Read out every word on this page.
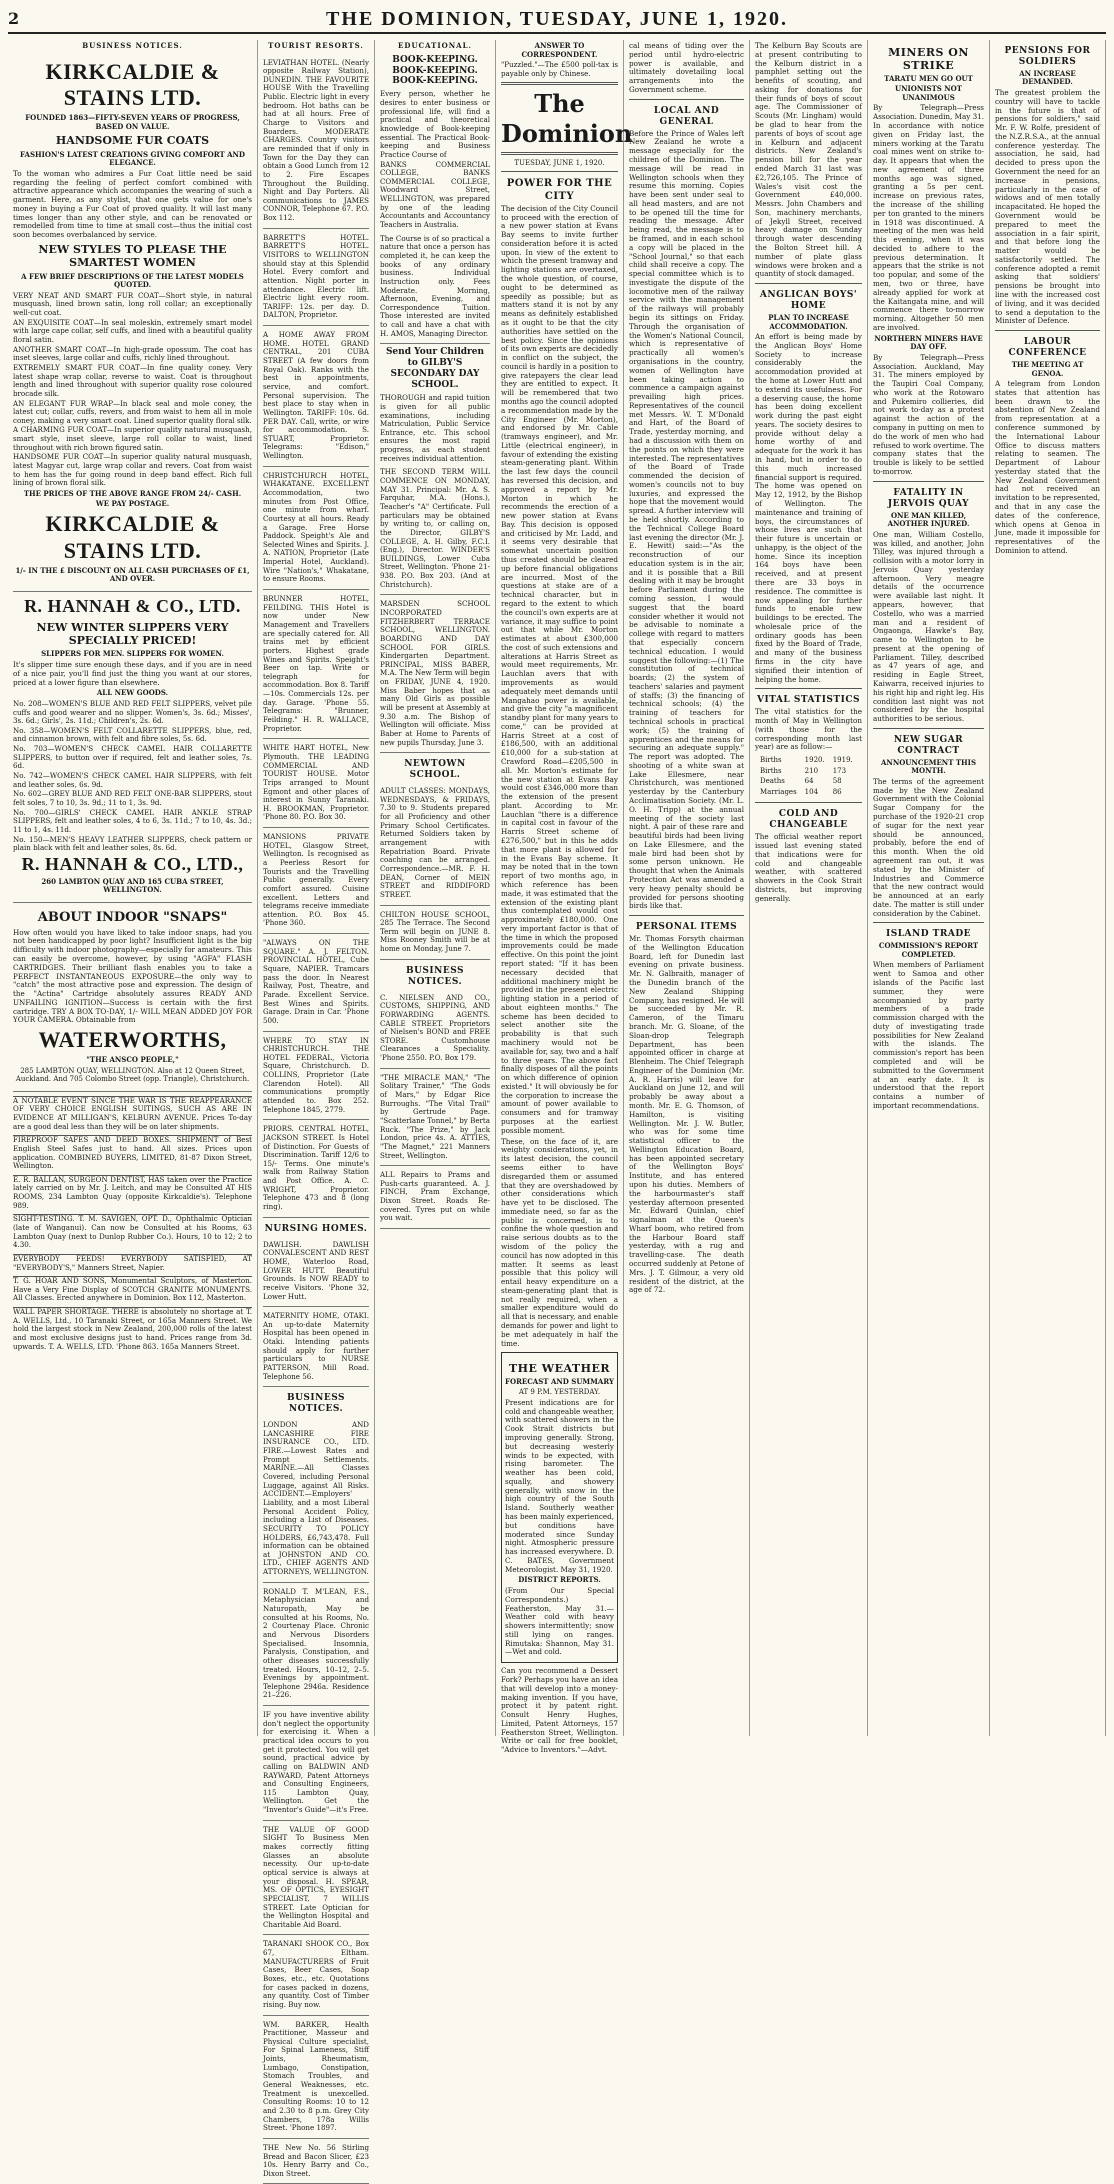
2	THE DOMINION, TUESDAY, JUNE 1, 1920.
BUSINESS NOTICES.
KIRKCALDIE & STAINS LTD.
FOUNDED 1863—FIFTY-SEVEN YEARS OF PROGRESS, BASED ON VALUE.
HANDSOME FUR COATS
FASHION'S LATEST CREATIONS GIVING COMFORT AND ELEGANCE.
To the woman who admires a Fur Coat little need be said regarding the feeling of perfect comfort combined with attractive appearance which accompanies the wearing of such a garment. Here, as any stylist, that one gets value for one's money in buying a Fur Coat of proved quality. It will last many times longer than any other style, and can be renovated or remodelled from time to time at small cost—thus the initial cost soon becomes overbalanced by service.
NEW STYLES TO PLEASE THE SMARTEST WOMEN
A FEW BRIEF DESCRIPTIONS OF THE LATEST MODELS QUOTED.
VERY NEAT AND SMART FUR COAT—Short style, in natural musquash, lined brown satin, long roll collar; an exceptionally well-cut coat.
AN EXQUISITE COAT—In seal moleskin, extremely smart model with large cape collar, self cuffs, and lined with a beautiful quality floral satin.
ANOTHER SMART COAT—In high-grade opossum. The coat has inset sleeves, large collar and cuffs, richly lined throughout.
EXTREMELY SMART FUR COAT—In fine quality coney. Very latest shape wrap collar, reverse to waist. Coat is throughout length and lined throughout with superior quality rose coloured brocade silk.
AN ELEGANT FUR WRAP—In black seal and mole coney, the latest cut; collar, cuffs, revers, and from waist to hem all in mole coney, making a very smart coat. Lined superior quality floral silk.
A CHARMING FUR COAT—In superior quality natural musquash, smart style, inset sleeve, large roll collar to waist, lined throughout with rich brown figured satin.
HANDSOME FUR COAT—In superior quality natural musquash, latest Magyar cut, large wrap collar and revers. Coat from waist to hem has the fur going round in deep band effect. Rich full lining of brown floral silk.
THE PRICES OF THE ABOVE RANGE FROM 24/- CASH.
WE PAY POSTAGE.
KIRKCALDIE & STAINS LTD.
1/- IN THE £ DISCOUNT ON ALL CASH PURCHASES OF £1, AND OVER.
R. HANNAH & CO., LTD.
NEW WINTER SLIPPERS VERY SPECIALLY PRICED!
SLIPPERS FOR MEN. SLIPPERS FOR WOMEN.
It's slipper time sure enough these days, and if you are in need of a nice pair, you'll find just the thing you want at our stores, priced at a lower figure than elsewhere.
ALL NEW GOODS.
No. 208—WOMEN'S BLUE AND RED FELT SLIPPERS, velvet pile cuffs and good wearer and no slipper. Women's, 3s. 6d.; Misses', 3s. 6d.; Girls', 2s. 11d.; Children's, 2s. 6d.
No. 358—WOMEN'S FELT COLLARETTE SLIPPERS, blue, red, and cinnamon brown, with felt and fibre soles, 5s. 6d.
No. 703—WOMEN'S CHECK CAMEL HAIR COLLARETTE SLIPPERS, to button over if required, felt and leather soles, 7s. 6d.
No. 742—WOMEN'S CHECK CAMEL HAIR SLIPPERS, with felt and leather soles, 6s. 9d.
No. 602—GREY BLUE AND RED FELT ONE-BAR SLIPPERS, stout felt soles, 7 to 10, 3s. 9d.; 11 to 1, 3s. 9d.
No. 700—GIRLS' CHECK CAMEL HAIR ANKLE STRAP SLIPPERS, felt and leather soles, 4 to 6, 3s. 11d.; 7 to 10, 4s. 3d.; 11 to 1, 4s. 11d.
No. 150—MEN'S HEAVY LEATHER SLIPPERS, check pattern or plain black with felt and leather soles, 8s. 6d.
R. HANNAH & CO., LTD.,
260 LAMBTON QUAY AND 165 CUBA STREET, WELLINGTON.
ABOUT INDOOR "SNAPS"
How often would you have liked to take indoor snaps, had you not been handicapped by poor light? Insufficient light is the big difficulty with indoor photography—especially for amateurs. This can easily be overcome, however, by using "AGFA" FLASH CARTRIDGES. Their brilliant flash enables you to take a PERFECT INSTANTANEOUS EXPOSURE—the only way to "catch" the most attractive pose and expression. The design of the "Actina" Cartridge absolutely assures READY AND UNFAILING IGNITION—Success is certain with the first cartridge. TRY A BOX TO-DAY, 1/- WILL MEAN ADDED JOY FOR YOUR CAMERA. Obtainable from
WATERWORTHS,
"THE ANSCO PEOPLE,"
285 LAMBTON QUAY, WELLINGTON. Also at 12 Queen Street, Auckland. And 705 Colombo Street (opp. Triangle), Christchurch.
A NOTABLE EVENT SINCE THE WAR IS THE REAPPEARANCE OF VERY CHOICE ENGLISH SUITINGS, SUCH AS ARE IN EVIDENCE AT MILLIGAN'S, KELBURN AVENUE. Prices To-day are a good deal less than they will be on later shipments.
FIREPROOF SAFES AND DEED BOXES. SHIPMENT of Best English Steel Safes just to hand. All sizes. Prices upon application. COMBINED BUYERS, LIMITED, 81-87 Dixon Street, Wellington.
E. R. BALLAN, SURGEON DENTIST, HAS taken over the Practice lately carried on by Mr. J. Leitch, and may be Consulted AT HIS ROOMS, 234 Lambton Quay (opposite Kirkcaldie's). Telephone 989.
SIGHT-TESTING. T. M. SAVIGEN, OPT. D., Ophthalmic Optician (late of Wanganui). Can now be Consulted at his Rooms, 63 Lambton Quay (next to Dunlop Rubber Co.). Hours, 10 to 12; 2 to 4.30.
EVERYBODY FEEDS! EVERYBODY SATISFIED, AT "EVERYBODY'S," Manners Street, Napier.
T. G. HOAR AND SONS, Monumental Sculptors, of Masterton. Have a Very Fine Display of SCOTCH GRANITE MONUMENTS. All Classes. Erected anywhere in Dominion. Box 112, Masterton.
WALL PAPER SHORTAGE. THERE is absolutely no shortage at T. A. WELLS, Ltd., 10 Taranaki Street, or 165a Manners Street. We hold the largest stock in New Zealand, 200,000 rolls of the latest and most exclusive designs just to hand. Prices range from 3d. upwards. T. A. WELLS, LTD. 'Phone 863. 165a Manners Street.
TOURIST RESORTS.
LEVIATHAN HOTEL. (Nearly opposite Railway Station), DUNEDIN. THE FAVOURITE HOUSE With the Travelling Public. Electric light in every bedroom. Hot baths can be had at all hours. Free of Charge to Visitors and Boarders. MODERATE CHARGES. Country visitors are reminded that if only in Town for the Day they can obtain a Good Lunch from 12 to 2. Fire Escapes Throughout the Building. Night and Day Porters. All communications to JAMES CONNOR, Telephone 67. P.O. Box 112.
BARRETT'S HOTEL. BARRETT'S HOTEL. VISITORS to WELLINGTON should stay at this Splendid Hotel. Every comfort and attention. Night porter in attendance. Electric lift. Electric light every room. TARIFF: 12s. per day. D. DALTON, Proprietor.
A HOME AWAY FROM HOME. HOTEL GRAND CENTRAL, 201 CUBA STREET (A few doors from Royal Oak). Ranks with the best in appointments, service, and comfort. Personal supervision. The best place to stay when in Wellington. TARIFF: 10s. 6d. PER DAY. Call, write, or wire for accommodation. S. STUART, Proprietor. Telegrams: "Edison," Wellington.
CHRISTCHURCH HOTEL, WHAKATANE. EXCELLENT Accommodation, two minutes from Post Office, one minute from wharf. Courtesy at all hours. Ready a Garage. Free Horse Paddock. Speight's Ale and Selected Wines and Spirits. J. A. NATION, Proprietor (Late Imperial Hotel, Auckland). Wire "Nation's," Whakatane, to ensure Rooms.
BRUNNER HOTEL, FEILDING. THIS Hotel is now under New Management and Travellers are specially catered for. All trains met by efficient porters. Highest grade Wines and Spirits. Speight's Beer on tap. Write or telegraph for accommodation. Box 8. Tariff—10s. Commercials 12s. per day. Garage. 'Phone 55. Telegrams: "Brunner, Feilding." H. R. WALLACE, Proprietor.
WHITE HART HOTEL, New Plymouth. THE LEADING COMMERCIAL AND TOURIST HOUSE. Motor Trips arranged to Mount Egmont and other places of interest in Sunny Taranaki. H. BROOKMAN, Proprietor. 'Phone 80. P.O. Box 30.
MANSIONS PRIVATE HOTEL, Glasgow Street, Wellington. Is recognised as a Peerless Resort for Tourists and the Travelling Public generally. Every comfort assured. Cuisine excellent. Letters and telegrams receive immediate attention. P.O. Box 45. 'Phone 360.
"ALWAYS ON THE SQUARE." A. J. FELTON. PROVINCIAL HOTEL, Cube Square, NAPIER. Tramcars pass the door. In Nearest Railway, Post, Theatre, and Parade. Excellent Service. Best Wines and Spirits. Garage. Drain in Car. 'Phone 500.
WHERE TO STAY IN CHRISTCHURCH. THE HOTEL FEDERAL, Victoria Square, Christchurch. D. COLLINS, Proprietor (Late Clarendon Hotel). All communications promptly attended to. Box 252. Telephone 1845, 2779.
PRIORS. CENTRAL HOTEL, JACKSON STREET. Is Hotel of Distinction. For Guests of Discrimination. Tariff 12/6 to 15/- Terms. One minute's walk from Railway Station and Post Office. A. C. WRIGHT, Proprietor. Telephone 473 and 8 (long ring).
NURSING HOMES.
DAWLISH. DAWLISH CONVALESCENT AND REST HOME, Waterloo Road, LOWER HUTT. Beautiful Grounds. Is NOW READY to receive Visitors. 'Phone 32, Lower Hutt.
MATERNITY HOME, OTAKI. An up-to-date Maternity Hospital has been opened in Otaki. Intending patients should apply for further particulars to NURSE PATTERSON, Mill Road. Telephone 56.
BUSINESS NOTICES.
LONDON AND LANCASHIRE FIRE INSURANCE CO., LTD. FIRE.—Lowest Rates and Prompt Settlements. MARINE.—All Classes Covered, including Personal Luggage, against All Risks. ACCIDENT.—Employers' Liability, and a most Liberal Personal Accident Policy, including a List of Diseases. SECURITY TO POLICY HOLDERS, £6,743,478. Full information can be obtained at JOHNSTON AND CO. LTD., CHIEF AGENTS AND ATTORNEYS, WELLINGTON.
RONALD T. M'LEAN, F.S., Metaphysician and Naturopath, May be consulted at his Rooms, No. 2 Courtenay Place. Chronic and Nervous Disorders Specialised. Insomnia, Paralysis, Constipation, and other diseases successfully treated. Hours, 10–12, 2–5. Evenings by appointment. Telephone 2946a. Residence 21–226.
IF you have inventive ability don't neglect the opportunity for exercising it. When a practical idea occurs to you get it protected. You will get sound, practical advice by calling on BALDWIN AND RAYWARD, Patent Attorneys and Consulting Engineers, 115 Lambton Quay, Wellington. Get the "Inventor's Guide"—it's Free.
THE VALUE OF GOOD SIGHT To Business Men makes correctly fitting Glasses an absolute necessity. Our up-to-date optical service is always at your disposal. H. SPEAR, MS. OF OPTICS, EYESIGHT SPECIALIST, 7 WILLIS STREET. Late Optician for the Wellington Hospital and Charitable Aid Board.
TARANAKI SHOOK CO., Box 67, Eltham. MANUFACTURERS of Fruit Cases, Beer Cases, Soap Boxes, etc., etc. Quotations for cases packed in dozens, any quantity. Cost of Timber rising. Buy now.
WM. BARKER, Health Practitioner, Masseur and Physical Culture specialist, For Spinal Lameness, Stiff Joints, Rheumatism, Lumbago, Constipation, Stomach Troubles, and General Weaknesses, etc. Treatment is unexcelled. Consulting Rooms: 10 to 12 and 2.30 to 8 p.m. Grey City Chambers, 178a Willis Street. 'Phone 1897.
THE New No. 56 Stirling Bread and Bacon Slicer, £23 10s. Henry Barry and Co., Dixon Street.
EDUCATIONAL.
BOOK-KEEPING. BOOK-KEEPING. BOOK-KEEPING.
Every person, whether he desires to enter business or professional life, will find a practical and theoretical knowledge of Book-keeping essential. The Practical Book-keeping and Business Practice Course of
BANKS COMMERCIAL COLLEGE, BANKS COMMERCIAL COLLEGE, Woodward Street, WELLINGTON, was prepared by one of the leading Accountants and Accountancy Teachers in Australia.
The Course is of so practical a nature that once a person has completed it, he can keep the books of any ordinary business. Individual Instruction only. Fees Moderate. Morning, Afternoon, Evening, and Correspondence Tuition. Those interested are invited to call and have a chat with H. AMOS, Managing Director.
Send Your Children to GILBY'S SECONDARY DAY SCHOOL.
THOROUGH and rapid tuition is given for all public examinations, including Matriculation, Public Service Entrance, etc. This school ensures the most rapid progress, as each student receives individual attention.
THE SECOND TERM WILL COMMENCE ON MONDAY, MAY 31. Principal: Mr. A. S. Farquhar, M.A. (Hons.), Teacher's "A" Certificate. Full particulars may be obtained by writing to, or calling on, the Director, GILBY'S COLLEGE, A. H. Gilby, F.C.I. (Eng.), Director. WINDER'S BUILDINGS, Lower Cuba Street, Wellington. 'Phone 21-938. P.O. Box 203. (And at Christchurch).
MARSDEN SCHOOL INCORPORATED FITZHERBERT TERRACE SCHOOL, WELLINGTON. BOARDING AND DAY SCHOOL FOR GIRLS. Kindergarten Department. PRINCIPAL, MISS BABER, M.A. The New Term will begin on FRIDAY, JUNE 4, 1920. Miss Baber hopes that as many Old Girls as possible will be present at Assembly at 9.30 a.m. The Bishop of Wellington will officiate. Miss Baber at Home to Parents of new pupils Thursday, June 3.
NEWTOWN SCHOOL.
ADULT CLASSES: MONDAYS, WEDNESDAYS, & FRIDAYS, 7.30 to 9. Students prepared for all Proficiency and other Primary School Certificates. Returned Soldiers taken by arrangement with Repatriation Board. Private coaching can be arranged. Correspondence.—MR. F. H. DEAN, Corner of MEIN STREET and RIDDIFORD STREET.
CHILTON HOUSE SCHOOL, 285 The Terrace. The Second Term will begin on JUNE 8. Miss Rooney Smith will be at home on Monday, June 7.
BUSINESS NOTICES.
C. NIELSEN AND CO., CUSTOMS, SHIPPING, AND FORWARDING AGENTS. CABLE STREET. Proprietors of Nielsen's BOND and FREE STORE. Customhouse Clearances a Speciality. 'Phone 2550. P.O. Box 179.
"THE MIRACLE MAN," "The Solitary Trainer," "The Gods of Mars," by Edgar Rice Burroughs. "The Vital Trail" by Gertrude Page. "Scatterlane Tonnel," by Berta Ruck. "The Prize," by Jack London, price 4s. A. ATTIES, "The Magnet," 221 Manners Street, Wellington.
ALL Repairs to Prams and Push-carts guaranteed. A. J. FINCH, Pram Exchange, Dixon Street. Roads Re-covered. Tyres put on while you wait.
ANSWER TO CORRESPONDENT.
"Puzzled."—The £500 poll-tax is payable only by Chinese.
The Dominion
TUESDAY, JUNE 1, 1920.
POWER FOR THE CITY
The decision of the City Council to proceed with the erection of a new power station at Evans Bay seems to invite further consideration before it is acted upon. In view of the extent to which the present tramway and lighting stations are overtaxed, the whole question, of course, ought to be determined as speedily as possible; but as matters stand it is not by any means as definitely established as it ought to be that the city authorities have settled on the best policy. Since the opinions of its own experts are decidedly in conflict on the subject, the council is hardly in a position to give ratepayers the clear lead they are entitled to expect. It will be remembered that two months ago the council adopted a recommendation made by the City Engineer (Mr. Morton), and endorsed by Mr. Cable (tramways engineer), and Mr. Little (electrical engineer), in favour of extending the existing steam-generating plant. Within the last few days the council has reversed this decision, and approved a report by Mr. Morton in which he recommends the erection of a new power station at Evans Bay. This decision is opposed and criticised by Mr. Ladd, and it seems very desirable that somewhat uncertain position thus created should be cleared up before financial obligations are incurred. Most of the questions at stake are of a technical character, but in regard to the extent to which the council's own experts are at variance, it may suffice to point out that while Mr. Morton estimates at about £300,000 the cost of such extensions and alterations at Harris Street as would meet requirements, Mr. Lauchlan avers that with improvements as would adequately meet demands until Mangahao power is available, and give the city "a magnificent standby plant for many years to come," can be provided at Harris Street at a cost of £186,500, with an additional £10,000 for a sub-station at Crawford Road—£205,500 in all. Mr. Morton's estimate for the new station at Evans Bay would cost £346,000 more than the extension of the present plant. According to Mr. Lauchlan "there is a difference in capital cost in favour of the Harris Street scheme of £276,500," but in this he adds that more plant is allowed for in the Evans Bay scheme. It may be noted that in the town report of two months ago, in which reference has been made, it was estimated that the extension of the existing plant thus contemplated would cost approximately £180,000. One very important factor is that of the time in which the proposed improvements could be made effective. On this point the joint report stated: "If it has been necessary decided that additional machinery might be provided in the present electric lighting station in a period of about eighteen months." The scheme has been decided to select another site the probability is that such machinery would not be available for, say, two and a half to three years. The above fact finally disposes of all the points on which difference of opinion existed." It will obviously be for the corporation to increase the amount of power available to consumers and for tramway purposes at the earliest possible moment.
These, on the face of it, are weighty considerations, yet, in its latest decision, the council seems either to have disregarded them or assumed that they are overshadowed by other considerations which have yet to be disclosed. The immediate need, so far as the public is concerned, is to confine the whole question and raise serious doubts as to the wisdom of the policy the council has now adopted in this matter. It seems as least possible that this policy will entail heavy expenditure on a steam-generating plant that is not really required, when a smaller expenditure would do all that is necessary, and enable demands for power and light to be met adequately in half the time.
THE WEATHER
FORECAST AND SUMMARY
AT 9 P.M. YESTERDAY.
Present indications are for cold and changeable weather, with scattered showers in the Cook Strait districts but improving generally. Strong, but decreasing westerly winds to be expected, with rising barometer. The weather has been cold, squally, and showery generally, with snow in the high country of the South Island. Southerly weather has been mainly experienced, but conditions have moderated since Sunday night. Atmospheric pressure has increased everywhere. D. C. BATES, Government Meteorologist. May 31, 1920.
DISTRICT REPORTS.
(From Our Special Correspondents.) Featherston, May 31.—Weather cold with heavy showers intermittently; snow still lying on ranges. Rimutaka: Shannon, May 31.—Wet and cold.
Can you recommend a Dessert Fork? Perhaps you have an idea that will develop into a money-making invention. If you have, protect it by patent right. Consult Henry Hughes, Limited, Patent Attorneys, 157 Featherston Street, Wellington. Write or call for free booklet, "Advice to Inventors."—Advt.
cal means of tiding over the period until hydro-electric power is available, and ultimately dovetailing local arrangements into the Government scheme.
LOCAL AND GENERAL
Before the Prince of Wales left New Zealand he wrote a message especially for the children of the Dominion. The message will be read in Wellington schools when they resume this morning. Copies have been sent under seal to all head masters, and are not to be opened till the time for reading the message. After being read, the message is to be framed, and in each school a copy will be placed in the "School Journal," so that each child shall receive a copy. The special committee which is to investigate the dispute of the locomotive men of the railway service with the management of the railways will probably begin its sittings on Friday. Through the organisation of the Women's National Council, which is representative of practically all women's organisations in the country, women of Wellington have been taking action to commence a campaign against prevailing high prices. Representatives of the council met Messrs. W. T. M'Donald and Hart, of the Board of Trade, yesterday morning, and had a discussion with them on the points on which they were interested. The representatives of the Board of Trade commended the decision of women's councils not to buy luxuries, and expressed the hope that the movement would spread. A further interview will be held shortly. According to the Technical College Board last evening the director (Mr. J. E. Hewitt) said:—"As the reconstruction of our education system is in the air, and it is possible that a Bill dealing with it may be brought before Parliament during the coming session, I would suggest that the board consider whether it would not be advisable to nominate a college with regard to matters that especially concern technical education. I would suggest the following:—(1) The constitution of technical boards; (2) the system of teachers' salaries and payment of staffs; (3) the financing of technical schools; (4) the training of teachers for technical schools in practical work; (5) the training of apprentices and the means for securing an adequate supply." The report was adopted. The shooting of a white swan at Lake Ellesmere, near Christchurch, was mentioned yesterday by the Canterbury Acclimatisation Society. (Mr. L. O. H. Tripp) at the annual meeting of the society last night. A pair of these rare and beautiful birds had been living on Lake Ellesmere, and the male bird had been shot by some person unknown. He thought that when the Animals Protection Act was amended a very heavy penalty should be provided for persons shooting birds like that.
PERSONAL ITEMS
Mr. Thomas Forsyth chairman of the Wellington Education Board, left for Dunedin last evening on private business. Mr. N. Galbraith, manager of the Dunedin branch of the New Zealand Shipping Company, has resigned. He will be succeeded by Mr. R. Cameron, of the Timaru branch. Mr. G. Sloane, of the Sloan-drop Telegraph Department, has been appointed officer in charge at Blenheim. The Chief Telegraph Engineer of the Dominion (Mr. A. R. Harris) will leave for Auckland on June 12, and will probably be away about a month. Mr. E. G. Thomson, of Hamilton, is visiting Wellington. Mr. J. W. Butler, who was for some time statistical officer to the Wellington Education Board, has been appointed secretary of the Wellington Boys' Institute, and has entered upon his duties. Members of the harbourmaster's staff yesterday afternoon presented Mr. Edward Quinlan, chief signalman at the Queen's Wharf boom, who retired from the Harbour Board staff yesterday, with a rug and travelling-case. The death occurred suddenly at Petone of Mrs. J. T. Gilmour, a very old resident of the district, at the age of 72.
The Kelburn Bay Scouts are at present contributing to the Kelburn district in a pamphlet setting out the benefits of scouting, and asking for donations for their funds of boys of scout age. The Commissioner of Scouts (Mr. Lingham) would be glad to hear from the parents of boys of scout age in Kelburn and adjacent districts. New Zealand's pension bill for the year ended March 31 last was £2,726,105. The Prince of Wales's visit cost the Government £40,000. Messrs. John Chambers and Son, machinery merchants, of Jekyll Street, received heavy damage on Sunday through water descending the Bolton Street hill. A number of plate glass windows were broken and a quantity of stock damaged.
ANGLICAN BOYS' HOME
PLAN TO INCREASE ACCOMMODATION.
An effort is being made by the Anglican Boys' Home Society to increase considerably the accommodation provided at the home at Lower Hutt and to extend its usefulness. For a deserving cause, the home has been doing excellent work during the past eight years. The society desires to provide without delay a home worthy of and adequate for the work it has in hand, but in order to do this much increased financial support is required. The home was opened on May 12, 1912, by the Bishop of Wellington. The maintenance and training of boys, the circumstances of whose lives are such that their future is uncertain or unhappy, is the object of the home. Since its inception 164 boys have been received, and at present there are 33 boys in residence. The committee is now appealing for further funds to enable new buildings to be erected. The wholesale price of the ordinary goods has been fixed by the Board of Trade, and many of the business firms in the city have signified their intention of helping the home.
VITAL STATISTICS
The vital statistics for the month of May in Wellington (with those for the corresponding month last year) are as follow:—
Births	1920.	1919.
Births	210	173
Deaths	64	58
Marriages	104	86
COLD AND CHANGEABLE
The official weather report issued last evening stated that indications were for cold and changeable weather, with scattered showers in the Cook Strait districts, but improving generally.
MINERS ON STRIKE
TARATU MEN GO OUT
UNIONISTS NOT UNANIMOUS
By Telegraph—Press Association. Dunedin, May 31. In accordance with notice given on Friday last, the miners working at the Taratu coal mines went on strike to-day. It appears that when the new agreement of three months ago was signed, granting a 5s per cent. increase on previous rates, the increase of the shilling per ton granted to the miners in 1918 was discontinued. A meeting of the men was held this evening, when it was decided to adhere to the previous determination. It appears that the strike is not too popular, and some of the men, two or three, have already applied for work at the Kaitangata mine, and will commence there to-morrow morning. Altogether 50 men are involved.
NORTHERN MINERS HAVE DAY OFF.
By Telegraph—Press Association. Auckland, May 31. The miners employed by the Taupiri Coal Company, who work at the Rotowaro and Pukemiro collieries, did not work to-day as a protest against the action of the company in putting on men to do the work of men who had refused to work overtime. The company states that the trouble is likely to be settled to-morrow.
FATALITY IN JERVOIS QUAY
ONE MAN KILLED, ANOTHER INJURED.
One man, William Costello, was killed, and another, John Tilley, was injured through a collision with a motor lorry in Jervois Quay yesterday afternoon. Very meagre details of the occurrence were available last night. It appears, however, that Costello, who was a married man and a resident of Ongaonga, Hawke's Bay, came to Wellington to be present at the opening of Parliament. Tilley, described as 47 years of age, and residing in Eagle Street, Kaiwarra, received injuries to his right hip and right leg. His condition last night was not considered by the hospital authorities to be serious.
NEW SUGAR CONTRACT
ANNOUNCEMENT THIS MONTH.
The terms of the agreement made by the New Zealand Government with the Colonial Sugar Company for the purchase of the 1920-21 crop of sugar for the next year should be announced, probably, before the end of this month. When the old agreement ran out, it was stated by the Minister of Industries and Commerce that the new contract would be announced at an early date. The matter is still under consideration by the Cabinet.
ISLAND TRADE
COMMISSION'S REPORT COMPLETED.
When members of Parliament went to Samoa and other islands of the Pacific last summer, they were accompanied by party members of a trade commission charged with the duty of investigating trade possibilities for New Zealand with the islands. The commission's report has been completed and will be submitted to the Government at an early date. It is understood that the report contains a number of important recommendations.
PENSIONS FOR SOLDIERS
AN INCREASE DEMANDED.
The greatest problem the country will have to tackle in the future is that of pensions for soldiers," said Mr. F. W. Rolfe, president of the N.Z.R.S.A., at the annual conference yesterday. The association, he said, had decided to press upon the Government the need for an increase in pensions, particularly in the case of widows and of men totally incapacitated. He hoped the Government would be prepared to meet the association in a fair spirit, and that before long the matter would be satisfactorily settled. The conference adopted a remit asking that soldiers' pensions be brought into line with the increased cost of living, and it was decided to send a deputation to the Minister of Defence.
LABOUR CONFERENCE
THE MEETING AT GENOA.
A telegram from London states that attention has been drawn to the abstention of New Zealand from representation at a conference summoned by the International Labour Office to discuss matters relating to seamen. The Department of Labour yesterday stated that the New Zealand Government had not received an invitation to be represented, and that in any case the dates of the conference, which opens at Genoa in June, made it impossible for representatives of the Dominion to attend.
